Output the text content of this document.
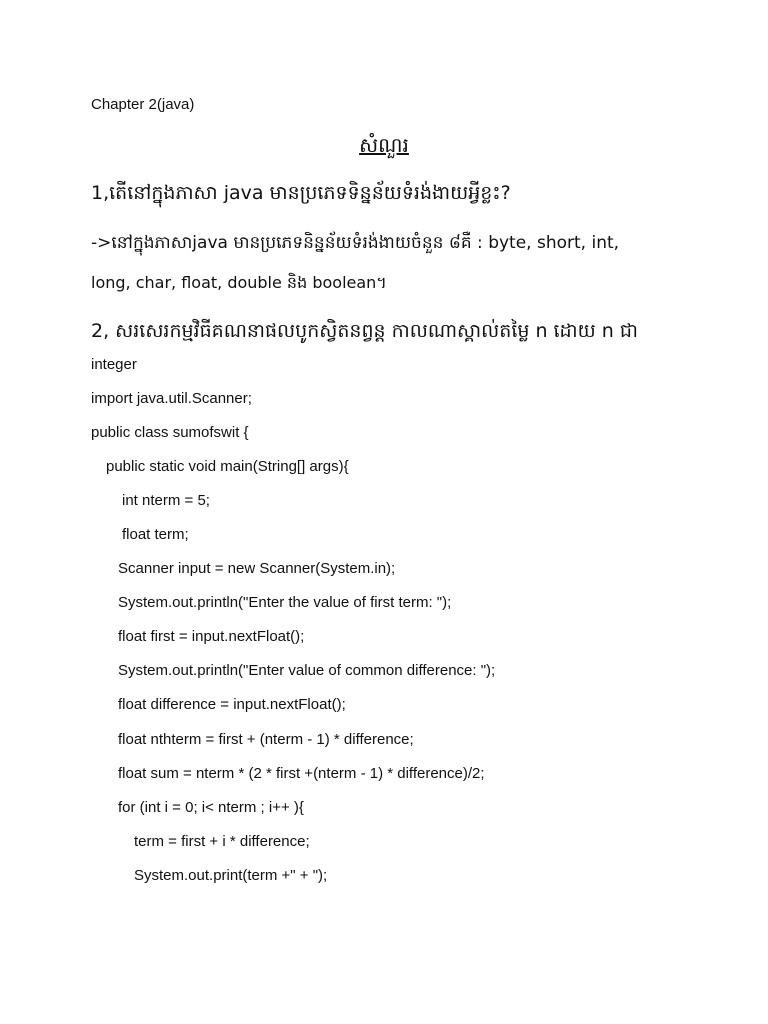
Chapter 2(java)
សំណួរ
1,តើនៅក្នុងភាសា java មានប្រភេទទិន្នន័យទំរង់ងាយអ្វីខ្លះ?
->នៅក្នុងភាសាjava មានប្រភេទនិន្នន័យទំរង់ងាយចំនួន ៨គឺ : byte, short, int,
long, char, float, double និង boolean។
2, សរសេរកម្មវិធីគណនាផលបូកស្វិតនព្វន្ត កាលណាស្គាល់តម្លៃ n ដោយ n ជា
integer
import java.util.Scanner;
public class sumofswit {
public static void main(String[] args){
int nterm = 5;
float term;
Scanner input = new Scanner(System.in);
System.out.println("Enter the value of first term: ");
float first = input.nextFloat();
System.out.println("Enter value of common difference: ");
float difference = input.nextFloat();
float nthterm = first + (nterm - 1) * difference;
float sum = nterm * (2 * first +(nterm - 1) * difference)/2;
for (int i = 0; i< nterm ; i++ ){
term = first + i * difference;
System.out.print(term +" + ");
